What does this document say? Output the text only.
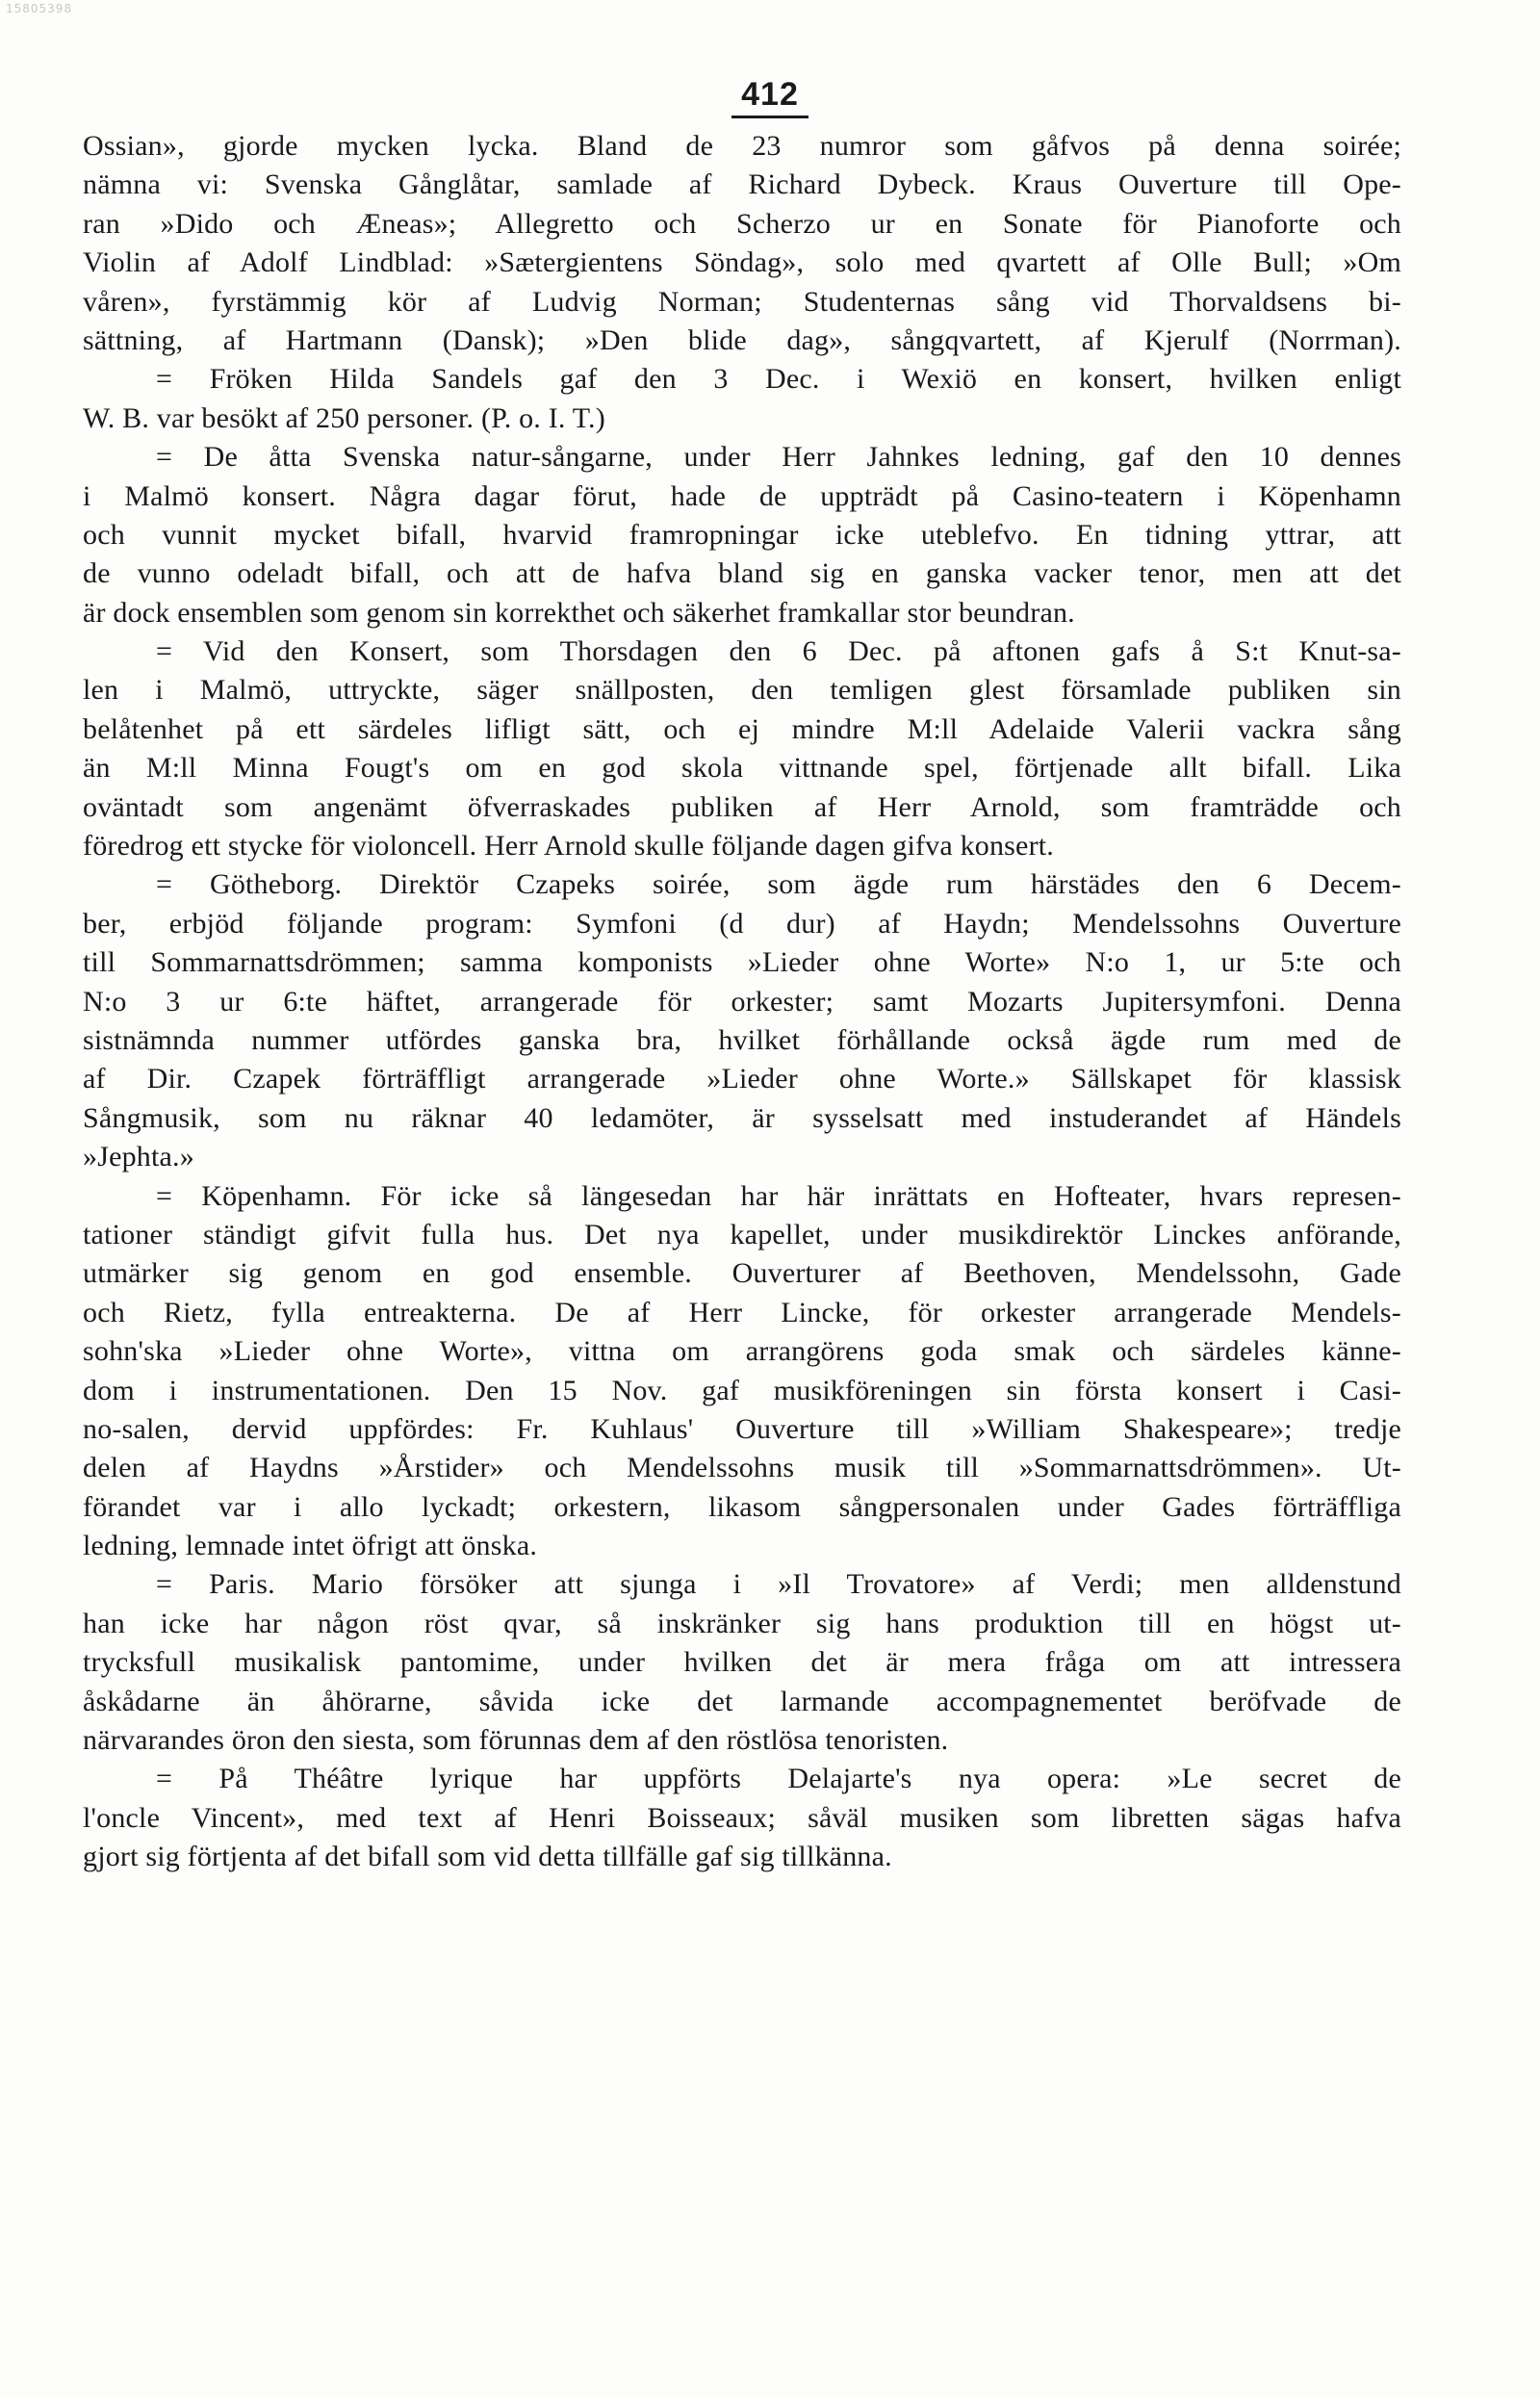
15805398
412
Ossian», gjorde mycken lycka. Bland de 23 numror som gåfvos på denna soirée;
nämna vi: Svenska Gånglåtar, samlade af Richard Dybeck. Kraus Ouverture till Ope-
ran »Dido och Æneas»; Allegretto och Scherzo ur en Sonate för Pianoforte och
Violin af Adolf Lindblad: »Sætergientens Söndag», solo med qvartett af Olle Bull; »Om
våren», fyrstämmig kör af Ludvig Norman; Studenternas sång vid Thorvaldsens bi-
sättning, af Hartmann (Dansk); »Den blide dag», sångqvartett, af Kjerulf (Norrman).
= Fröken Hilda Sandels gaf den 3 Dec. i Wexiö en konsert, hvilken enligt
W. B. var besökt af 250 personer. (P. o. I. T.)
= De åtta Svenska natur-sångarne, under Herr Jahnkes ledning, gaf den 10 dennes
i Malmö konsert. Några dagar förut, hade de uppträdt på Casino-teatern i Köpenhamn
och vunnit mycket bifall, hvarvid framropningar icke uteblefvo. En tidning yttrar, att
de vunno odeladt bifall, och att de hafva bland sig en ganska vacker tenor, men att det
är dock ensemblen som genom sin korrekthet och säkerhet framkallar stor beundran.
= Vid den Konsert, som Thorsdagen den 6 Dec. på aftonen gafs å S:t Knut-sa-
len i Malmö, uttryckte, säger snällposten, den temligen glest församlade publiken sin
belåtenhet på ett särdeles lifligt sätt, och ej mindre M:ll Adelaide Valerii vackra sång
än M:ll Minna Fougt's om en god skola vittnande spel, förtjenade allt bifall. Lika
oväntadt som angenämt öfverraskades publiken af Herr Arnold, som framträdde och
föredrog ett stycke för violoncell. Herr Arnold skulle följande dagen gifva konsert.
= Götheborg. Direktör Czapeks soirée, som ägde rum härstädes den 6 Decem-
ber, erbjöd följande program: Symfoni (d dur) af Haydn; Mendelssohns Ouverture
till Sommarnattsdrömmen; samma komponists »Lieder ohne Worte» N:o 1, ur 5:te och
N:o 3 ur 6:te häftet, arrangerade för orkester; samt Mozarts Jupitersymfoni. Denna
sistnämnda nummer utfördes ganska bra, hvilket förhållande också ägde rum med de
af Dir. Czapek förträffligt arrangerade »Lieder ohne Worte.» Sällskapet för klassisk
Sångmusik, som nu räknar 40 ledamöter, är sysselsatt med instuderandet af Händels
»Jephta.»
= Köpenhamn. För icke så längesedan har här inrättats en Hofteater, hvars represen-
tationer ständigt gifvit fulla hus. Det nya kapellet, under musikdirektör Linckes anförande,
utmärker sig genom en god ensemble. Ouverturer af Beethoven, Mendelssohn, Gade
och Rietz, fylla entreakterna. De af Herr Lincke, för orkester arrangerade Mendels-
sohn'ska »Lieder ohne Worte», vittna om arrangörens goda smak och särdeles känne-
dom i instrumentationen. Den 15 Nov. gaf musikföreningen sin första konsert i Casi-
no-salen, dervid uppfördes: Fr. Kuhlaus' Ouverture till »William Shakespeare»; tredje
delen af Haydns »Årstider» och Mendelssohns musik till »Sommarnattsdrömmen». Ut-
förandet var i allo lyckadt; orkestern, likasom sångpersonalen under Gades förträffliga
ledning, lemnade intet öfrigt att önska.
= Paris. Mario försöker att sjunga i »Il Trovatore» af Verdi; men alldenstund
han icke har någon röst qvar, så inskränker sig hans produktion till en högst ut-
trycksfull musikalisk pantomime, under hvilken det är mera fråga om att intressera
åskådarne än åhörarne, såvida icke det larmande accompagnementet beröfvade de
närvarandes öron den siesta, som förunnas dem af den röstlösa tenoristen.
= På Théâtre lyrique har uppförts Delajarte's nya opera: »Le secret de
l'oncle Vincent», med text af Henri Boisseaux; såväl musiken som libretten sägas hafva
gjort sig förtjenta af det bifall som vid detta tillfälle gaf sig tillkänna.
